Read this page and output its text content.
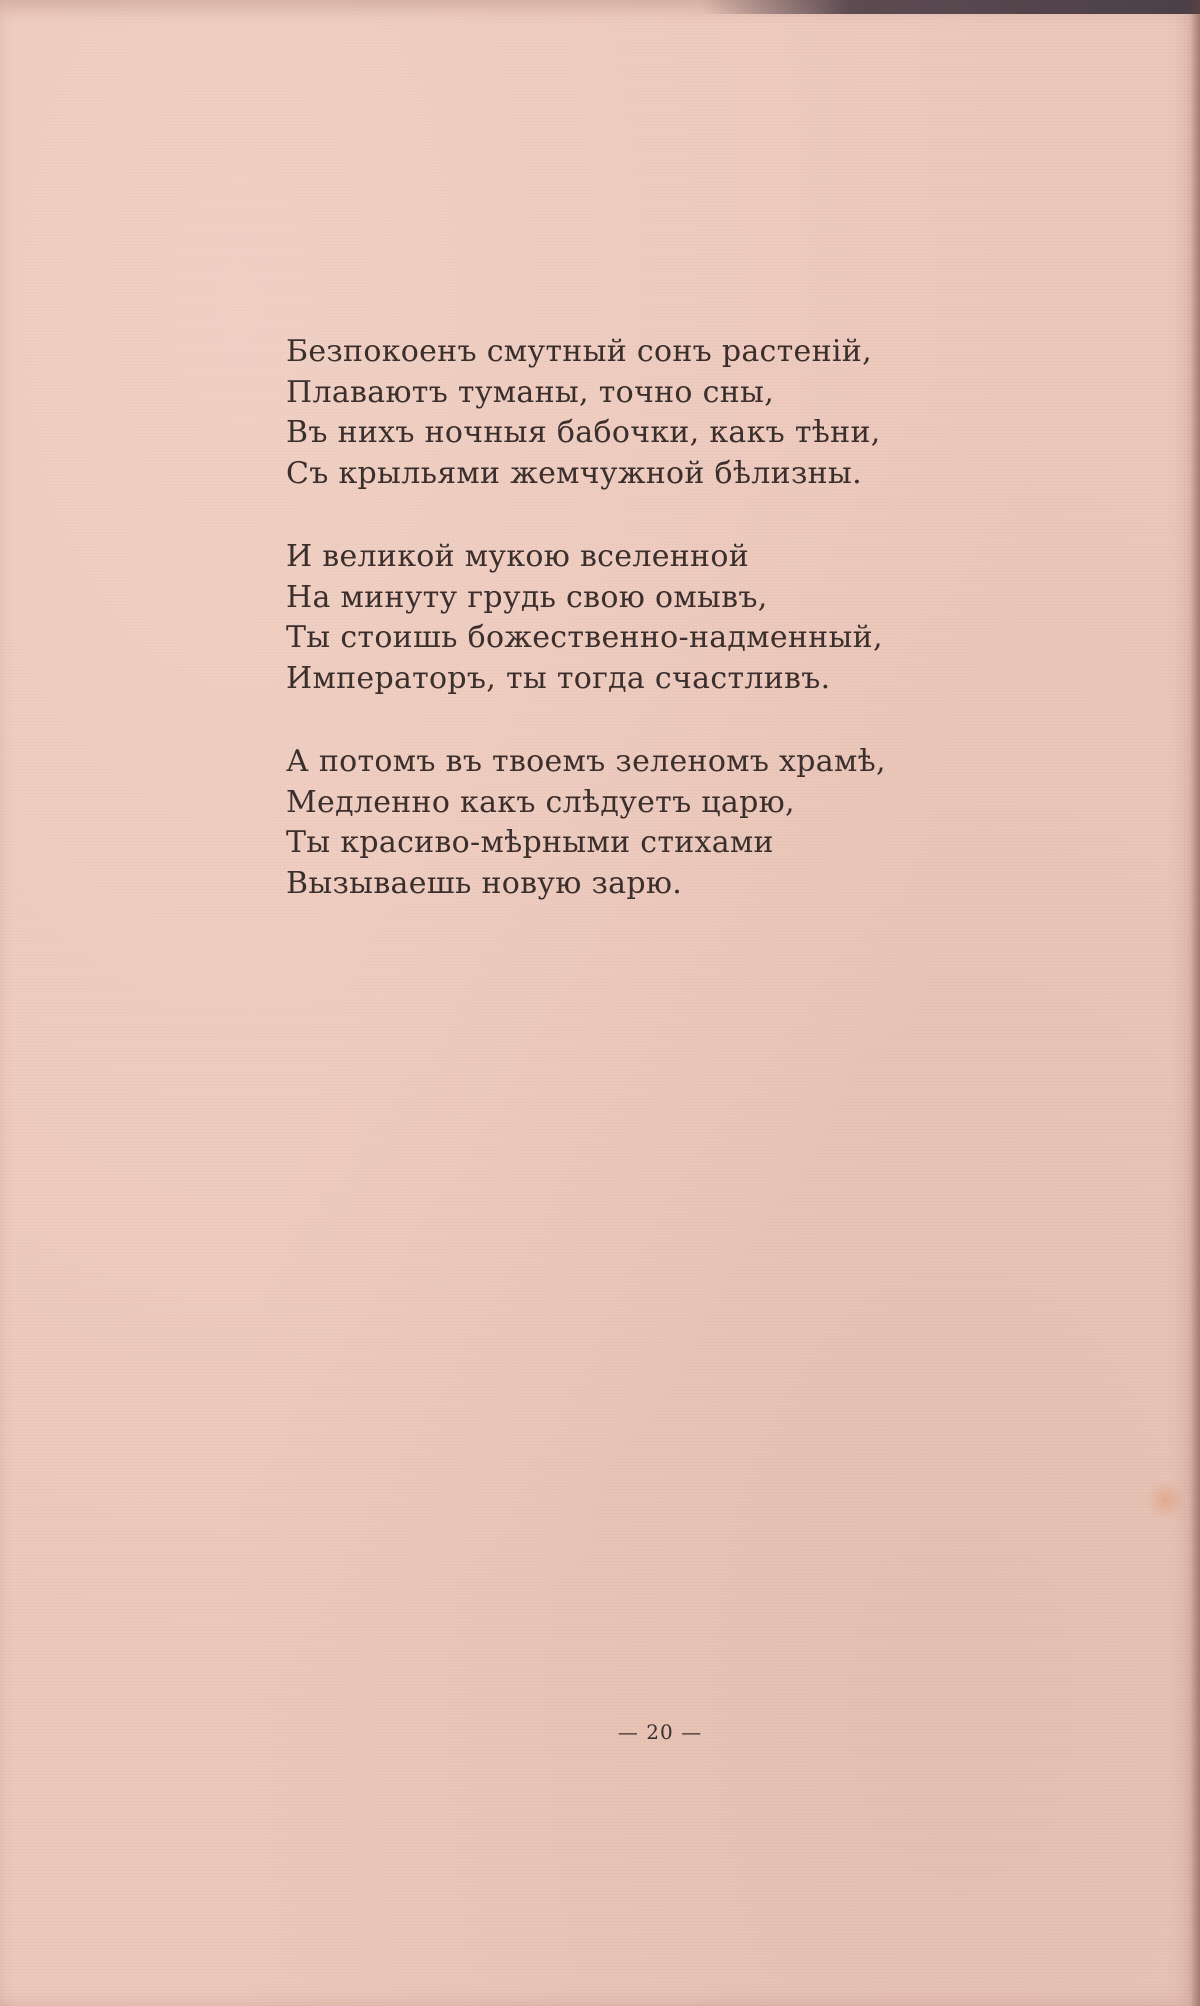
Безпокоенъ смутный сонъ растеній,
Плаваютъ туманы, точно сны,
Въ нихъ ночныя бабочки, какъ тѣни,
Съ крыльями жемчужной бѣлизны.
И великой мукою вселенной
На минуту грудь свою омывъ,
Ты стоишь божественно-надменный,
Императоръ, ты тогда счастливъ.
А потомъ въ твоемъ зеленомъ храмѣ,
Медленно какъ слѣдуетъ царю,
Ты красиво-мѣрными стихами
Вызываешь новую зарю.
— 20 —
